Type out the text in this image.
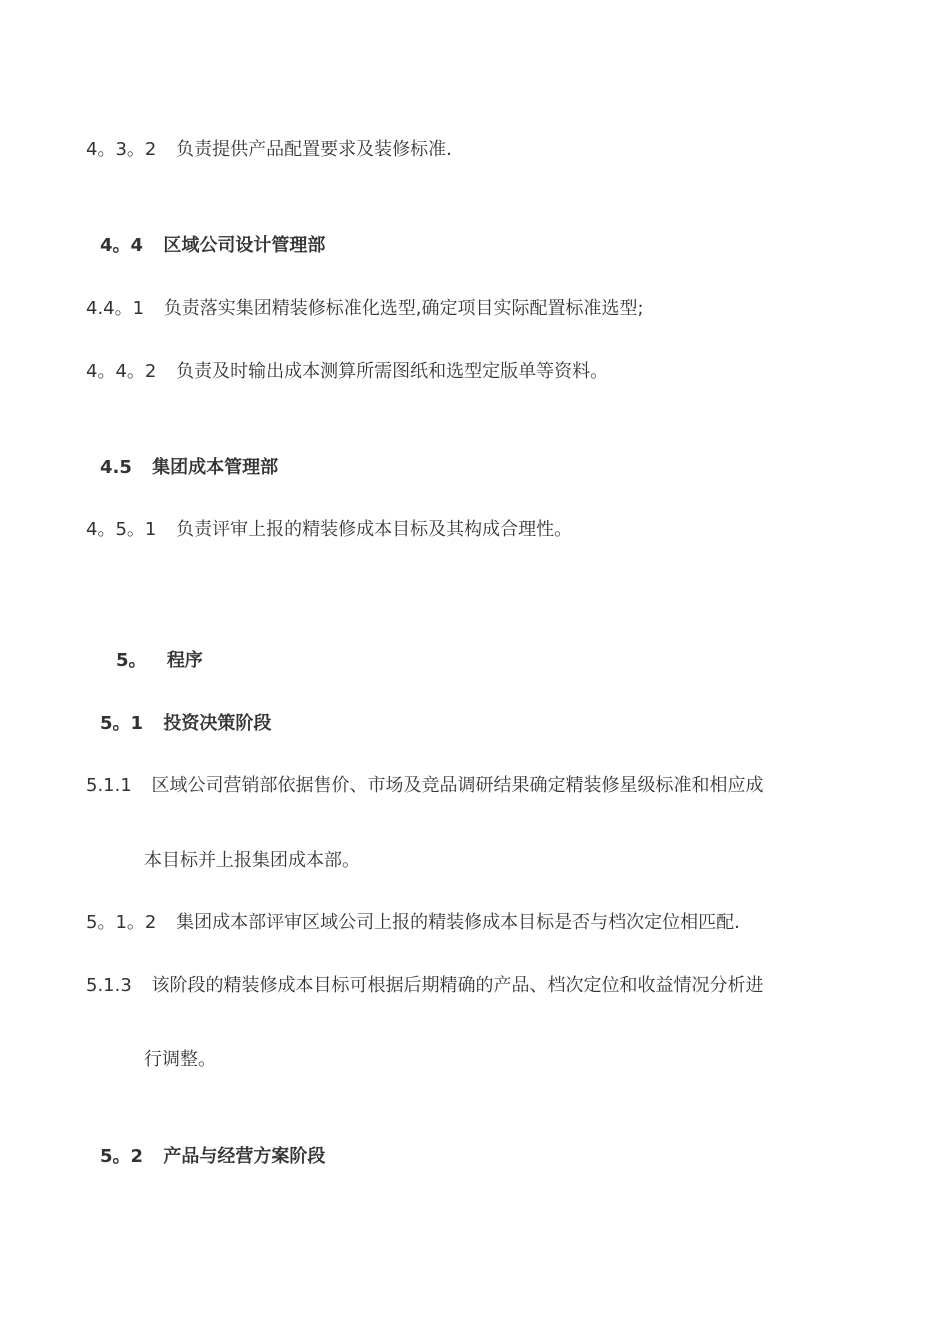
4。3。2 负责提供产品配置要求及装修标准.
4。4 区域公司设计管理部
4.4。1 负责落实集团精装修标准化选型,确定项目实际配置标准选型;
4。4。2 负责及时输出成本测算所需图纸和选型定版单等资料。
4.5 集团成本管理部
4。5。1 负责评审上报的精装修成本目标及其构成合理性。
5。 程序
5。1 投资决策阶段
5.1.1 区域公司营销部依据售价、市场及竞品调研结果确定精装修星级标准和相应成
本目标并上报集团成本部。
5。1。2 集团成本部评审区域公司上报的精装修成本目标是否与档次定位相匹配.
5.1.3 该阶段的精装修成本目标可根据后期精确的产品、档次定位和收益情况分析进
行调整。
5。2 产品与经营方案阶段
